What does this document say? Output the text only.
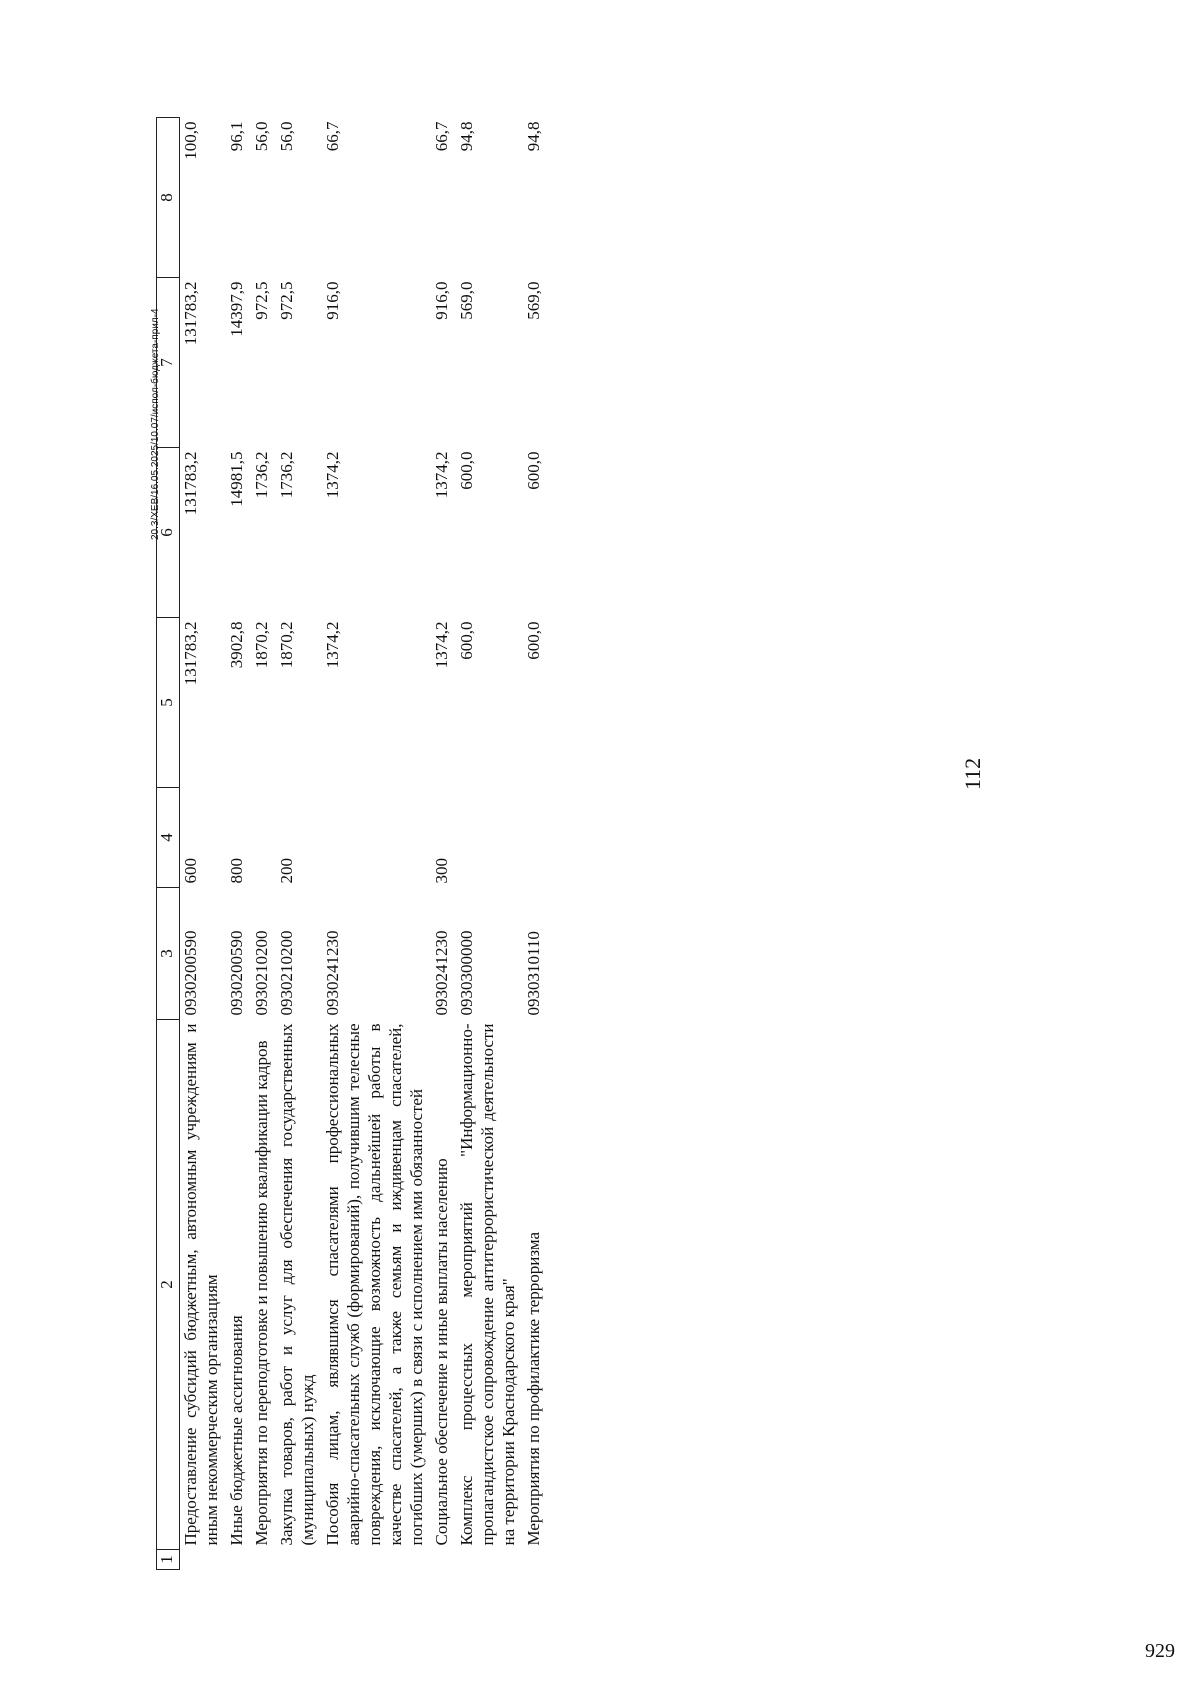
112
1	2	3	4	5	6	7	8
	Предоставление субсидий бюджетным, автономным учреждениям и иным некоммерческим организациям	0930200590	600	131783,2	131783,2	131783,2	100,0
	Иные бюджетные ассигнования	0930200590	800	3902,8	14981,5	14397,9	96,1
	Мероприятия по переподготовке и повышению квалификации кадров	0930210200		1870,2	1736,2	972,5	56,0
	Закупка товаров, работ и услуг для обеспечения государственных (муниципальных) нужд	0930210200	200	1870,2	1736,2	972,5	56,0
	Пособия лицам, являвшимся спасателями профессиональных аварийно-спасательных служб (формирований), получившим телесные повреждения, исключающие возможность дальнейшей работы в качестве спасателей, а также семьям и иждивенцам спасателей, погибших (умерших) в связи с исполнением ими обязанностей	0930241230		1374,2	1374,2	916,0	66,7
	Социальное обеспечение и иные выплаты населению	0930241230	300	1374,2	1374,2	916,0	66,7
	Комплекс процессных мероприятий "Информационно-пропагандистское сопровождение антитеррористической деятельности на территории Краснодарского края"	0930300000		600,0	600,0	569,0	94,8
	Мероприятия по профилактике терроризма	0930310110		600,0	600,0	569,0	94,8
20.3/ХЕВ/16.05.2025/10.07/испол-бюджета-прил-4
929
